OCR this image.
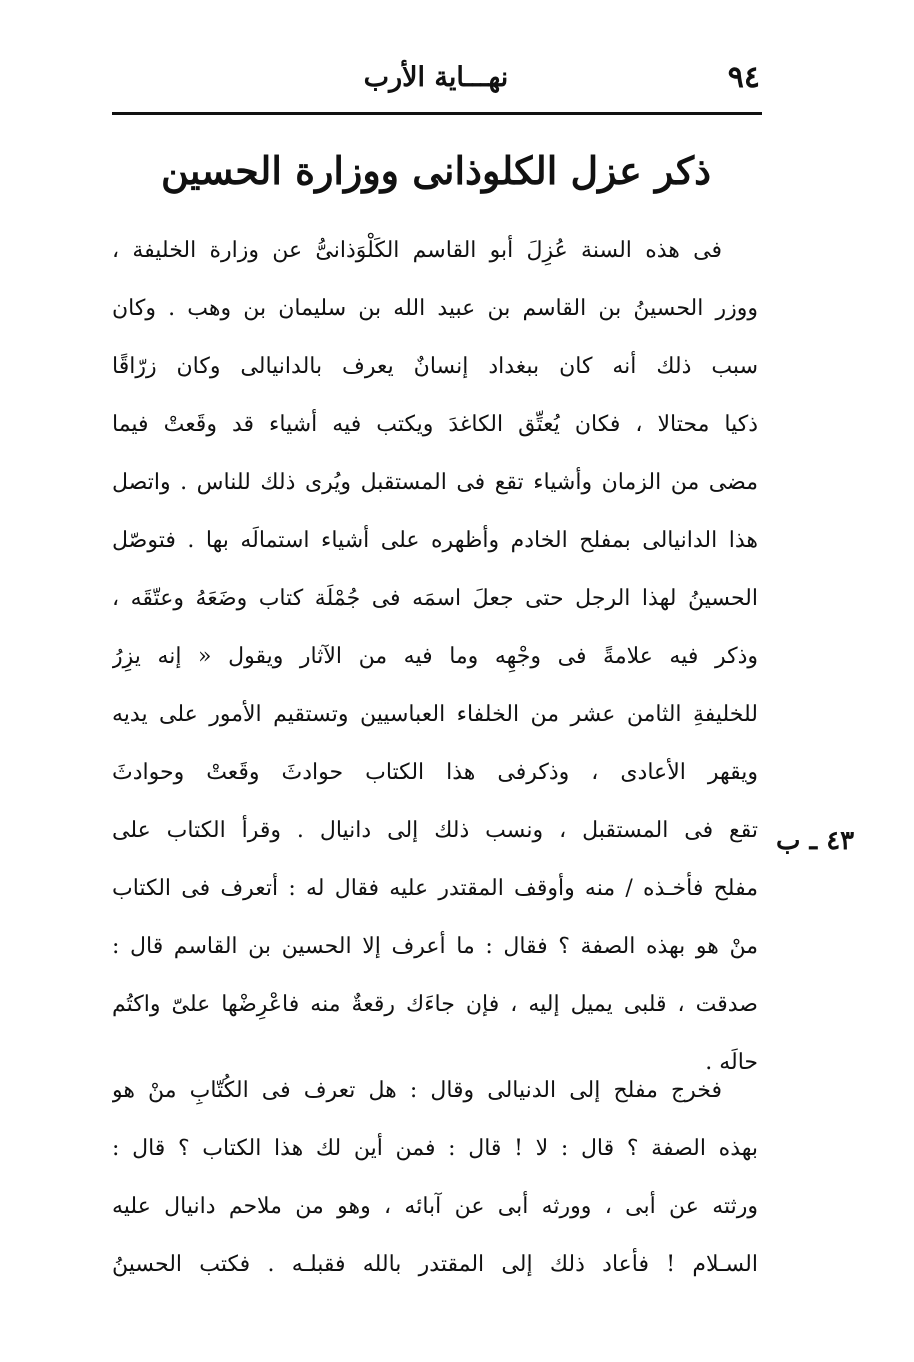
٩٤
نهـــاية الأرب
ذكر عزل الكلوذانى ووزارة الحسين
فى هذه السنة عُزِلَ أبو القاسم الكَلْوَذانىُّ عن وزارة الخليفة ،
ووزر الحسينُ بن القاسم بن عبيد الله بن سليمان بن وهب . وكان
سبب ذلك أنه كان ببغداد إنسانٌ يعرف بالدانيالى وكان زرّاقًا
ذكيا محتالا ، فكان يُعتِّق الكاغدَ ويكتب فيه أشياء قد وقَعتْ فيما
مضى من الزمان وأشياء تقع فى المستقبل ويُرى ذلك للناس . واتصل
هذا الدانيالى بمفلح الخادم وأظهره على أشياء استمالَه بها . فتوصّل
الحسينُ لهذا الرجل حتى جعلَ اسمَه فى جُمْلَة كتاب وضَعَهُ وعتّقَه ،
وذكر فيه علامةً فى وجْهِه وما فيه من الآثار ويقول « إنه يزِرُ
للخليفةِ الثامن عشر من الخلفاء العباسيين وتستقيم الأمور على يديه
ويقهر الأعادى ، وذكرفى هذا الكتاب حوادثَ وقَعتْ وحوادثَ
تقع فى المستقبل ، ونسب ذلك إلى دانيال . وقرأ الكتاب على
مفلح فأخـذه / منه وأوقف المقتدر عليه فقال له : أتعرف فى الكتاب
منْ هو بهذه الصفة ؟ فقال : ما أعرف إلا الحسين بن القاسم قال :
صدقت ، قلبى يميل إليه ، فإن جاءَك رقعةٌ منه فاعْرِضْها علىّ واكتُم
حالَه .
٤٣ ـ ب
فخرج مفلح إلى الدنيالى وقال : هل تعرف فى الكُتّابِ منْ هو
بهذه الصفة ؟ قال : لا ! قال : فمن أين لك هذا الكتاب ؟ قال :
ورثته عن أبى ، وورثه أبى عن آبائه ، وهو من ملاحم دانيال عليه
السـلام ! فأعاد ذلك إلى المقتدر بالله فقبلـه . فكتب الحسينُ
